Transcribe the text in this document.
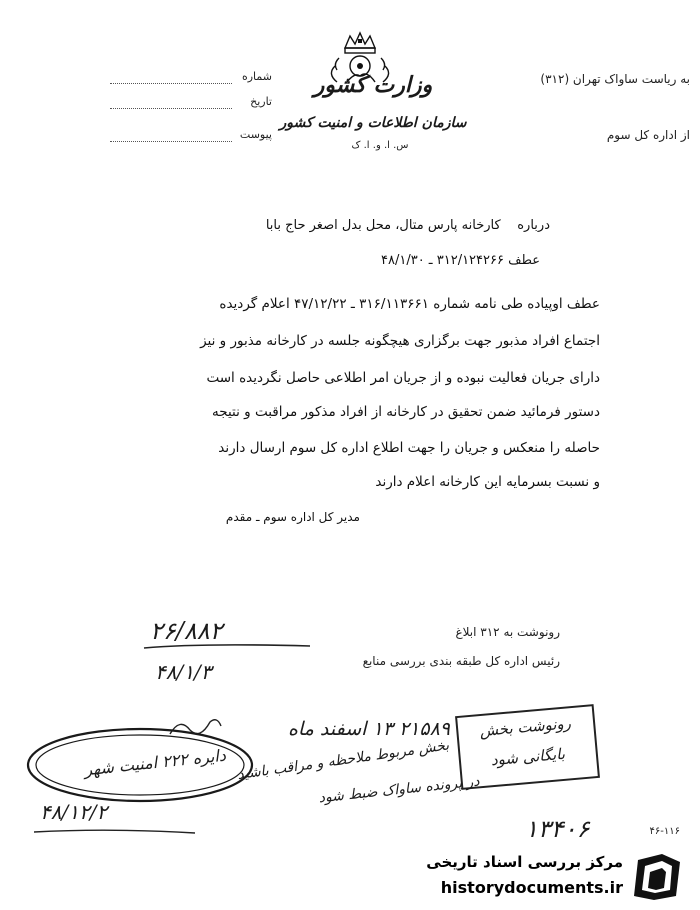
وزارت کشور
سازمان اطلاعات و امنیت کشور
س. ا. و. ا. ک
شماره
تاریخ
پیوست
به ریاست ساواک تهران (۳۱۲)
از اداره کل سوم
درباره    کارخانه پارس متال، محل بدل اصغر حاج بابا
عطف ۳۱۲/۱۲۴۲۶۶ ـ ۴۸/۱/۳۰
عطف اوپیاده طی نامه شماره ۳۱۶/۱۱۳۶۶۱ ـ ۴۷/۱۲/۲۲ اعلام گردیده
اجتماع افراد مذبور جهت برگزاری هیچگونه جلسه در کارخانه مذبور و نیز
دارای جریان فعالیت نبوده و از جریان امر اطلاعی حاصل نگردیده است
دستور فرمائید ضمن تحقیق در کارخانه از افراد مذکور مراقبت و نتیجه
حاصله را منعکس و جریان را جهت اطلاع اداره کل سوم ارسال دارند
و نسبت بسرمایه این کارخانه اعلام دارند
مدیر کل اداره سوم ـ مقدم
رونوشت به ۳۱۲ ابلاغ
رئیس اداره کل طبقه بندی بررسی منابع
۲۶/۸۸۲
۴۸/۱/۳
۲۱۵۸۹ ۱۳ اسفند ماه	رونوشت بخش
بایگانی شود
دایره ۲۲۲ امنیت شهر بخش مربوط ملاحظه و مراقب باشید
در پرونده ساواک ضبط شود
۴۸/۱۲/۲
۱۳۴۰۶	۴۶-۱۱۶
مرکز بررسی اسناد تاریخی
historydocuments.ir
